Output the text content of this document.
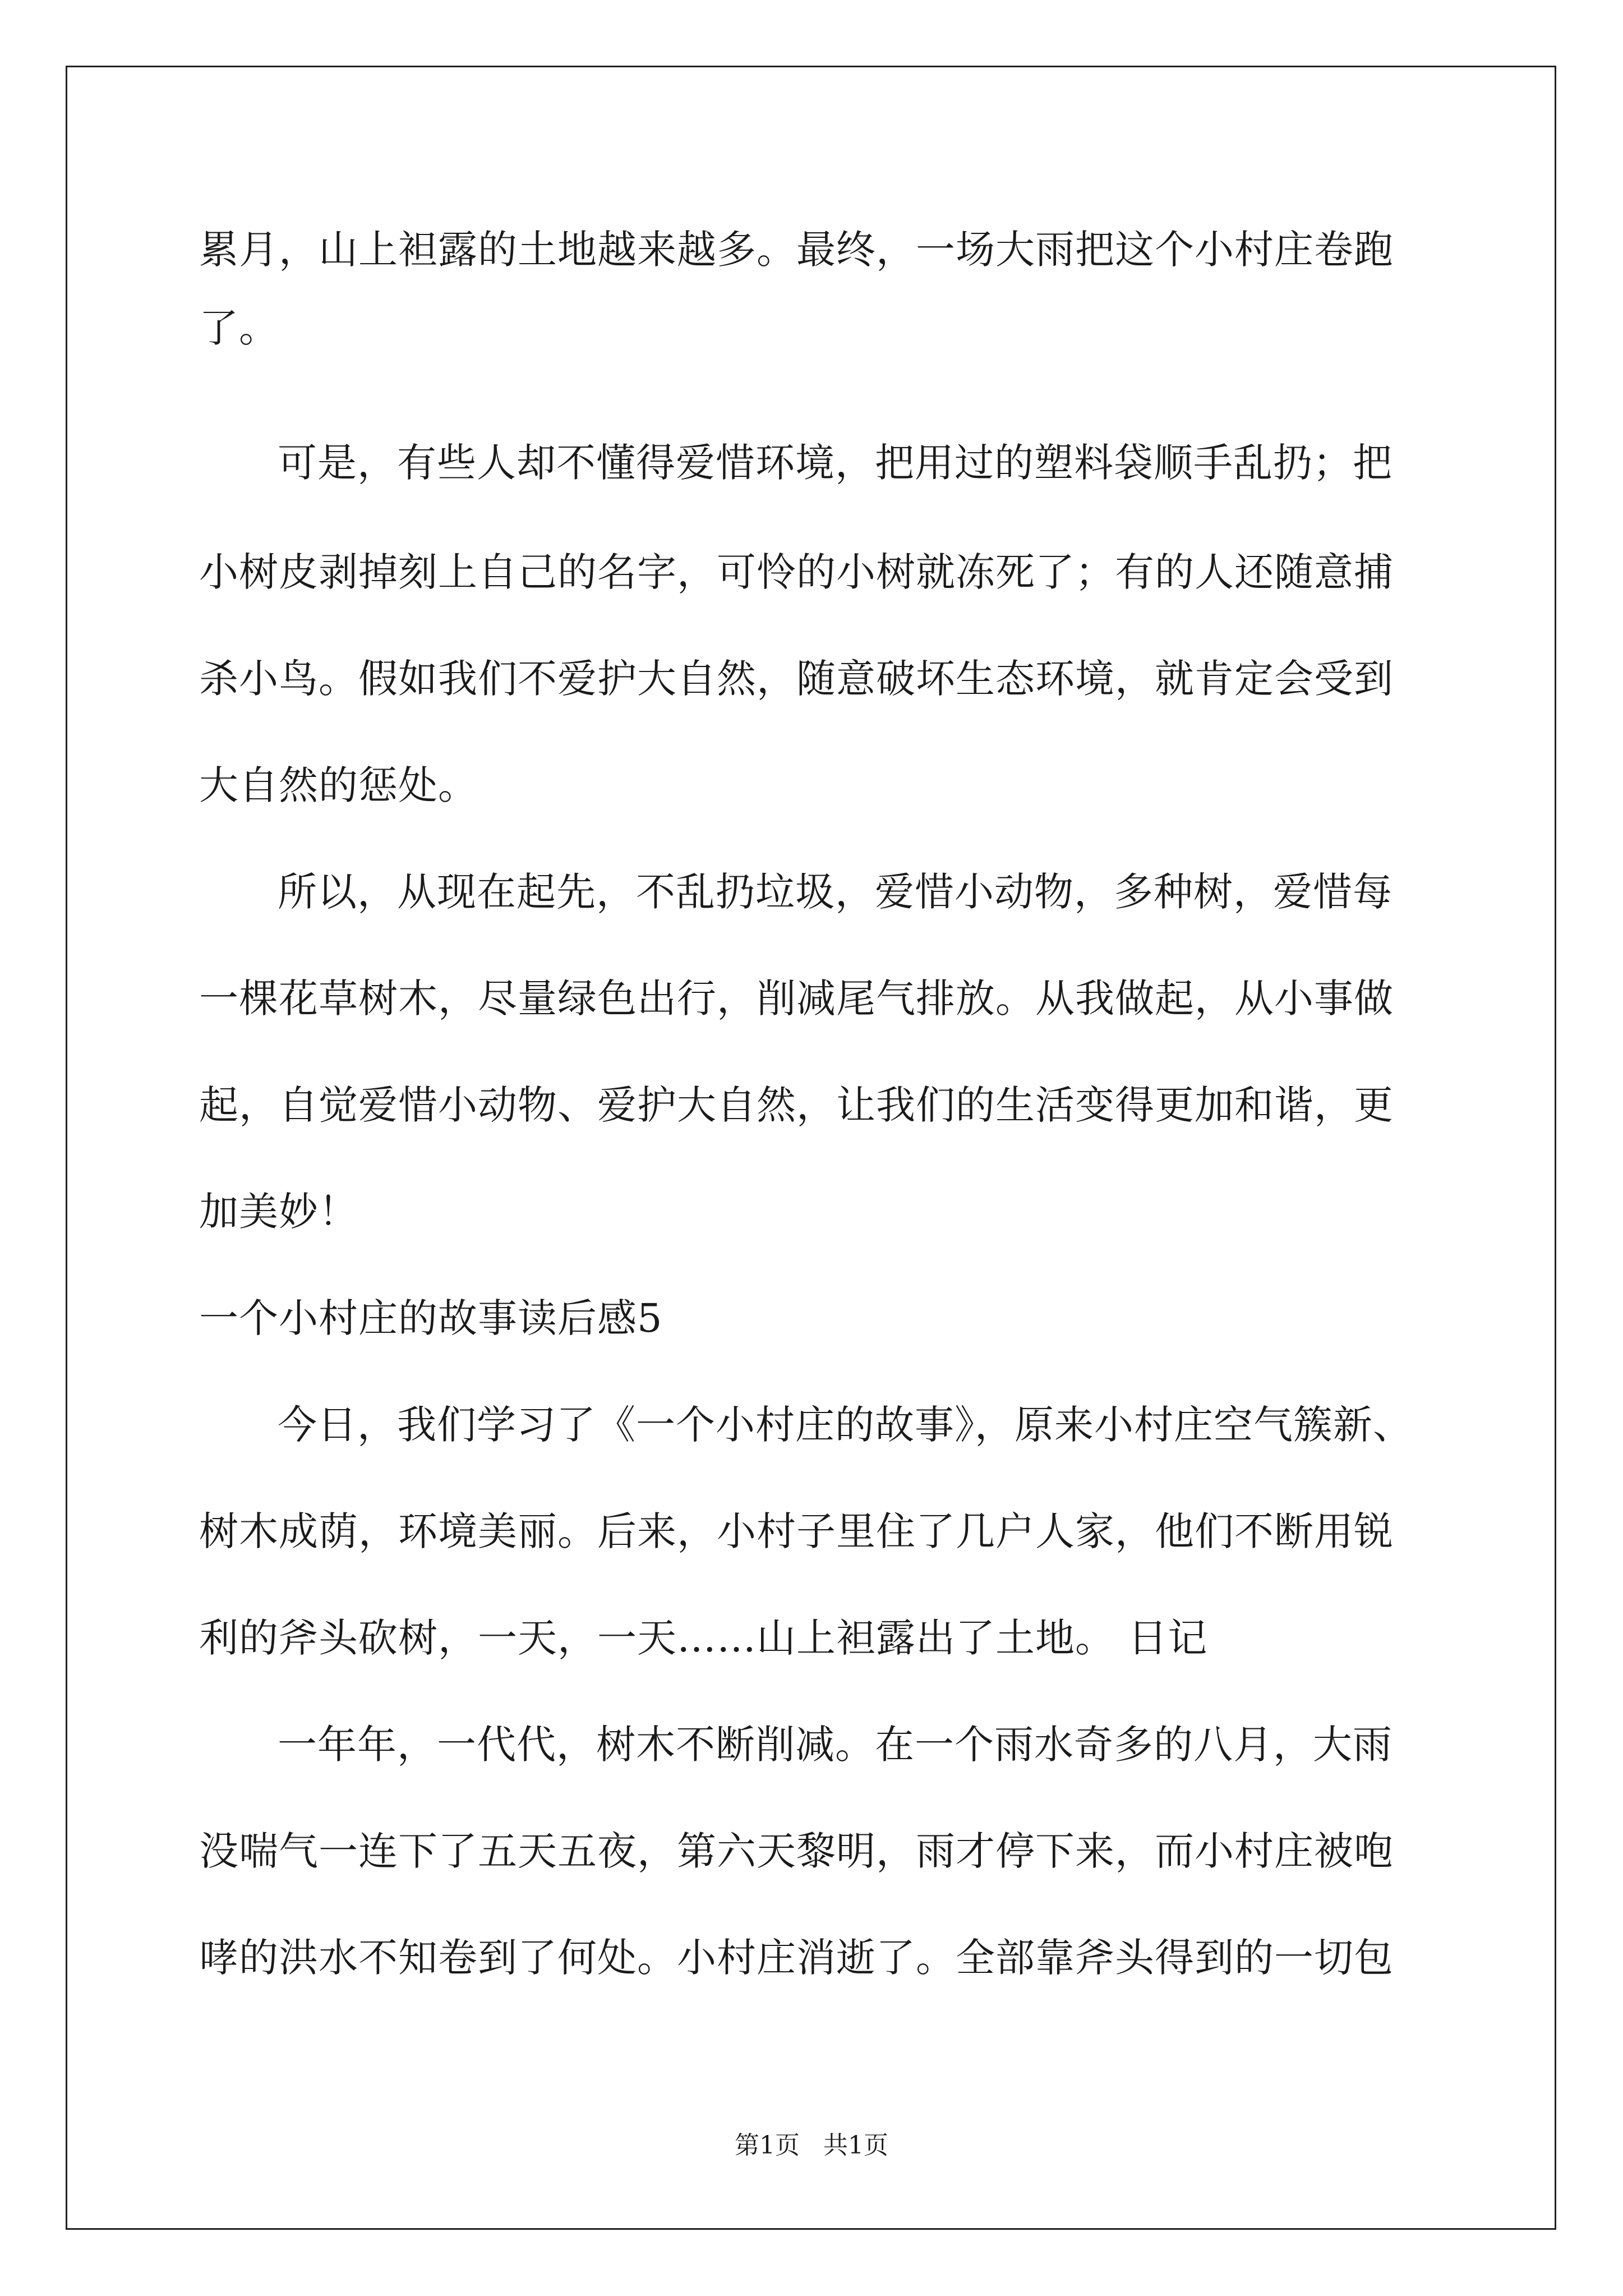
累月，山上袒露的土地越来越多。最终，一场大雨把这个小村庄卷跑
了。
可是，有些人却不懂得爱惜环境，把用过的塑料袋顺手乱扔；把
小树皮剥掉刻上自己的名字，可怜的小树就冻死了；有的人还随意捕
杀小鸟。假如我们不爱护大自然，随意破坏生态环境，就肯定会受到
大自然的惩处。
所以，从现在起先，不乱扔垃圾，爱惜小动物，多种树，爱惜每
一棵花草树木，尽量绿色出行，削减尾气排放。从我做起，从小事做
起，自觉爱惜小动物、爱护大自然，让我们的生活变得更加和谐，更
加美妙！
一个小村庄的故事读后感5
今日，我们学习了《一个小村庄的故事》，原来小村庄空气簇新、
树木成荫，环境美丽。后来，小村子里住了几户人家，他们不断用锐
利的斧头砍树，一天，一天……山上袒露出了土地。 日记
一年年，一代代，树木不断削减。在一个雨水奇多的八月，大雨
没喘气一连下了五天五夜，第六天黎明，雨才停下来，而小村庄被咆
哮的洪水不知卷到了何处。小村庄消逝了。全部靠斧头得到的一切包
第1页   共1页
